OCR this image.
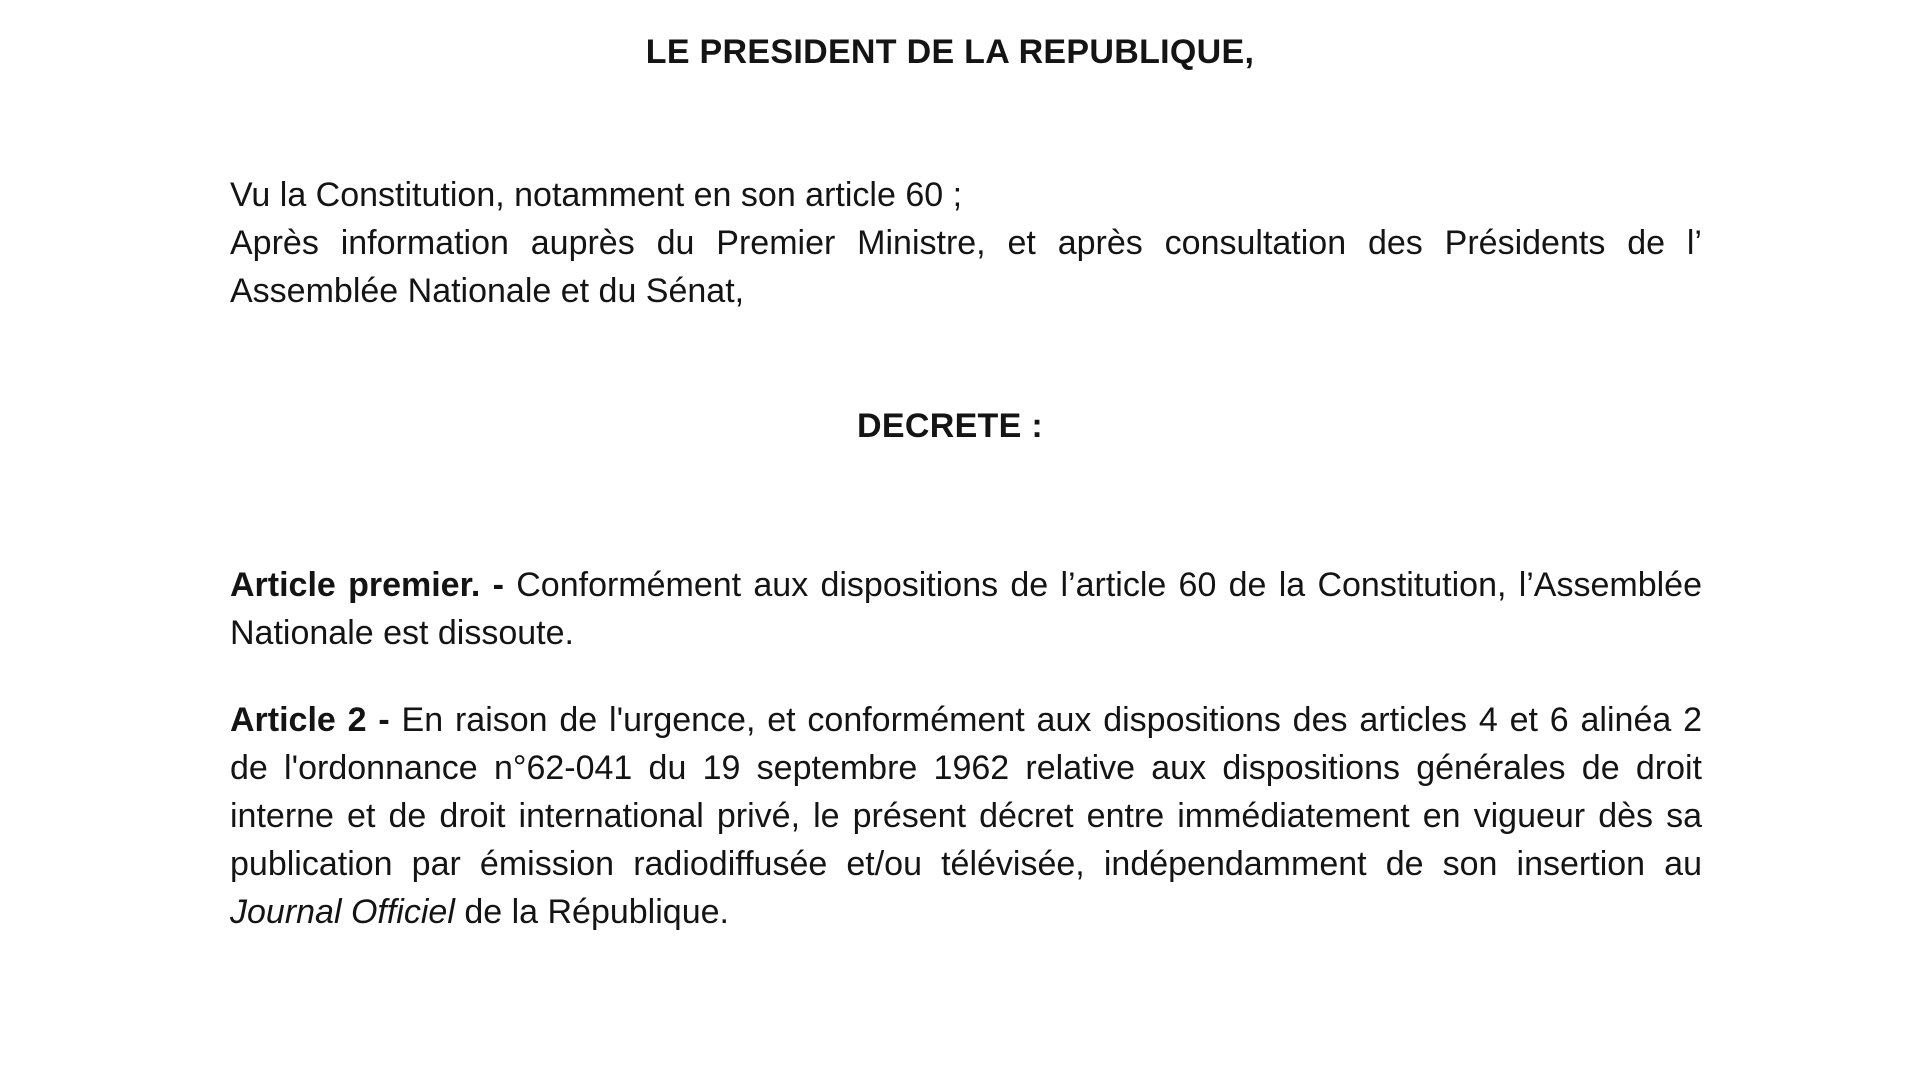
LE PRESIDENT DE LA REPUBLIQUE,

Vu la Constitution, notamment en son article 60 ;

Après information auprès du Premier Ministre, et après consultation des Présidents de l’ Assemblée Nationale et du Sénat,

DECRETE :

Article premier. - Conformément aux dispositions de l’article 60 de la Constitution, l’Assemblée Nationale est dissoute.

Article 2 - En raison de l'urgence, et conformément aux dispositions des articles 4 et 6 alinéa 2 de l'ordonnance n°62-041 du 19 septembre 1962 relative aux dispositions générales de droit interne et de droit international privé, le présent décret entre immédiatement en vigueur dès sa publication par émission radiodiffusée et/ou télévisée, indépendamment de son insertion au Journal Officiel de la République.
